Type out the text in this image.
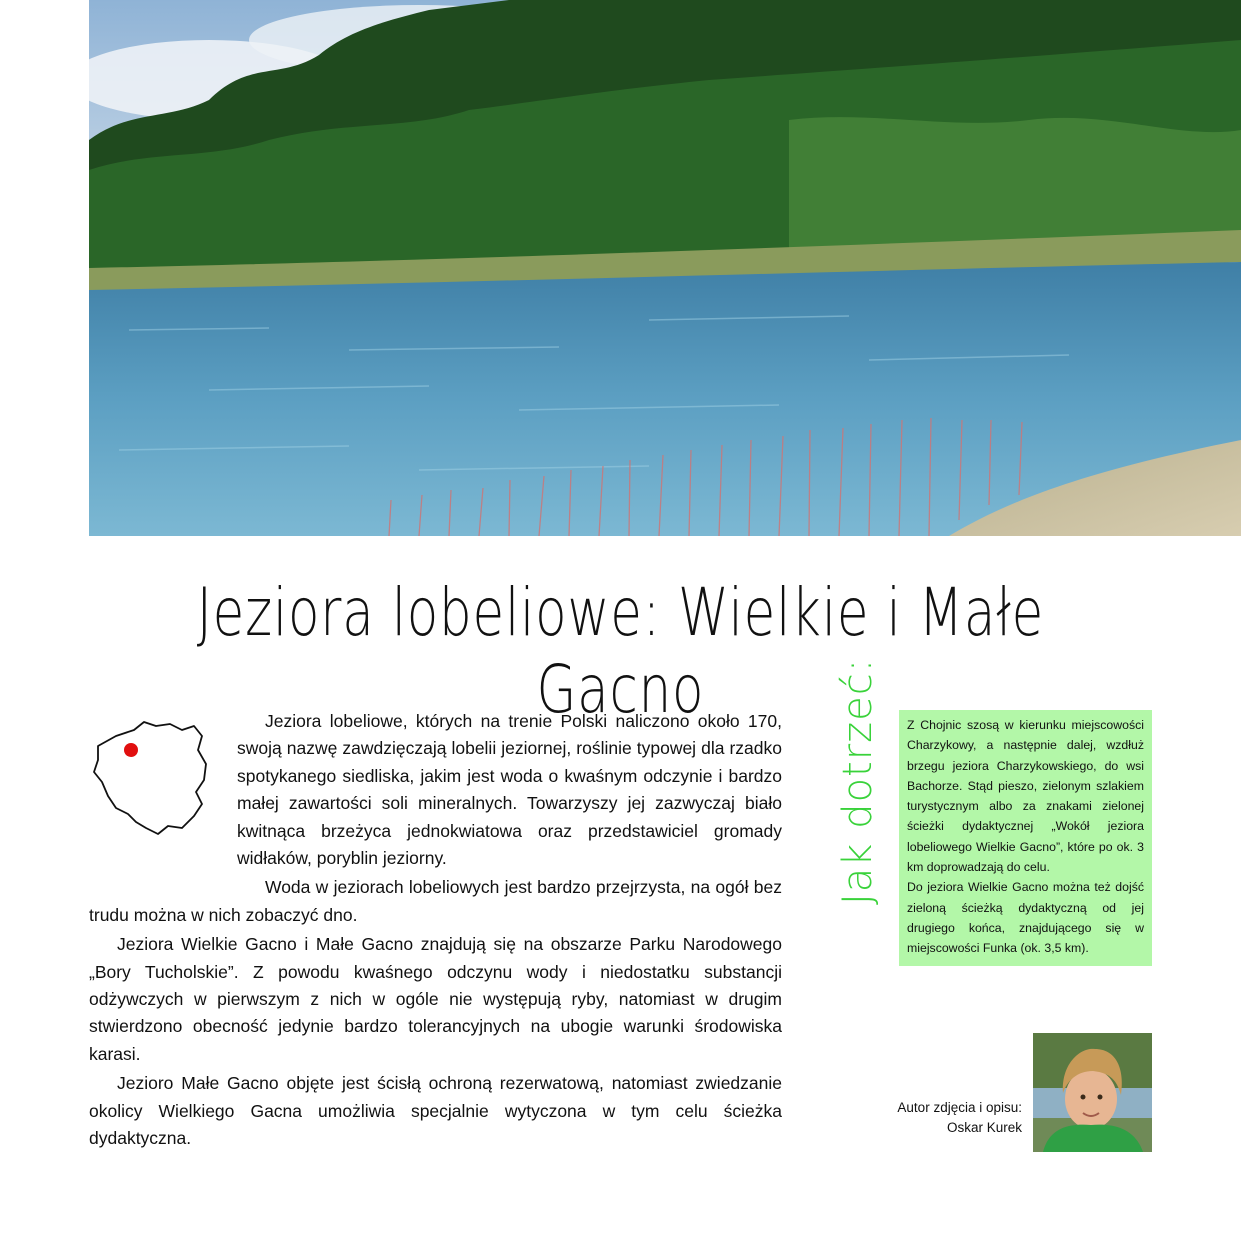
Jeziora lobeliowe: Wielkie i Małe Gacno

Jeziora lobeliowe, których na trenie Polski naliczono około 170, swoją nazwę zawdzięczają lobelii jeziornej, roślinie typowej dla rzadko spotykanego siedliska, jakim jest woda o kwaśnym odczynie i bardzo małej zawartości soli mineralnych. Towarzyszy jej zazwyczaj biało kwitnąca brzeżyca jednokwiatowa oraz przedstawiciel gromady widłaków, poryblin jeziorny.

Woda w jeziorach lobeliowych jest bardzo przejrzysta, na ogół bez trudu można w nich zobaczyć dno.

Jeziora Wielkie Gacno i Małe Gacno znajdują się na obszarze Parku Narodowego „Bory Tucholskie”. Z powodu kwaśnego odczynu wody i niedostatku substancji odżywczych w pierwszym z nich w ogóle nie występują ryby, natomiast w drugim stwierdzono obecność jedynie bardzo tolerancyjnych na ubogie warunki środowiska karasi.

Jezioro Małe Gacno objęte jest ścisłą ochroną rezerwatową, natomiast zwiedzanie okolicy Wielkiego Gacna umożliwia specjalnie wytyczona w tym celu ścieżka dydaktyczna.

Jak dotrzeć: Z Chojnic szosą w kierunku miejscowości Charzykowy, a następnie dalej, wzdłuż brzegu jeziora Charzykowskiego, do wsi Bachorze. Stąd pieszo, zielonym szlakiem turystycznym albo za znakami zielonej ścieżki dydaktycznej „Wokół jeziora lobeliowego Wielkie Gacno”, które po ok. 3 km doprowadzają do celu.

Do jeziora Wielkie Gacno można też dojść zieloną ścieżką dydaktyczną od jej drugiego końca, znajdującego się w miejscowości Funka (ok. 3,5 km).

Autor zdjęcia i opisu:
Oskar Kurek
